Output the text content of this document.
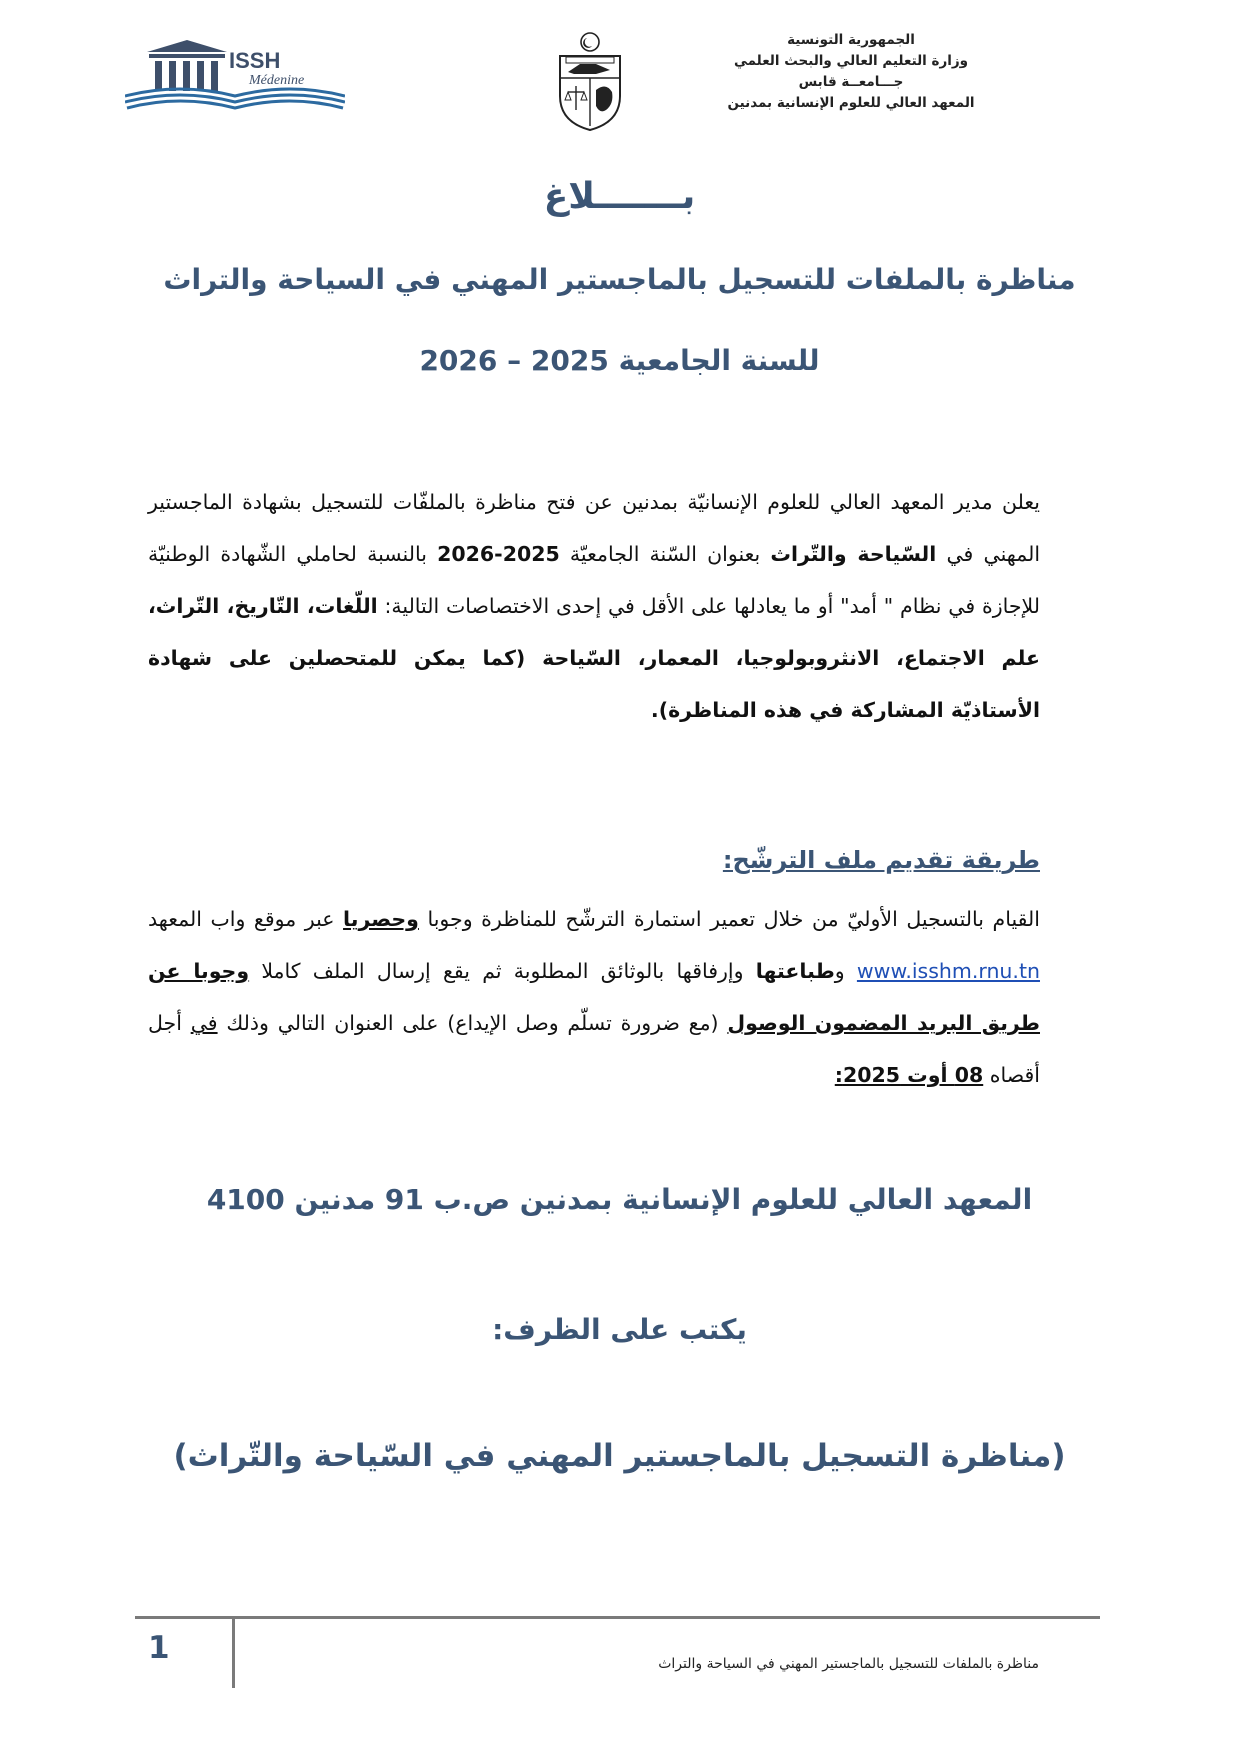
الجمهورية التونسية
وزارة التعليم العالي والبحث العلمي
جـــامعــة قابس
المعهد العالي للعلوم الإنسانية بمدنين
ISSH
Médenine
بـــــــلاغ
مناظرة بالملفات للتسجيل بالماجستير المهني في السياحة والتراث
للسنة الجامعية 2025 – 2026
يعلن مدير المعهد العالي للعلوم الإنسانيّة بمدنين عن فتح مناظرة بالملفّات للتسجيل بشهادة الماجستير المهني في السّياحة والتّراث بعنوان السّنة الجامعيّة 2025-2026 بالنسبة لحاملي الشّهادة الوطنيّة للإجازة في نظام " أمد" أو ما يعادلها على الأقل في إحدى الاختصاصات التالية: اللّغات، التّاريخ، التّراث، علم الاجتماع، الانثروبولوجيا، المعمار، السّياحة (كما يمكن للمتحصلين على شهادة الأستاذيّة المشاركة في هذه المناظرة).
طريقة تقديم ملف الترشّح:
القيام بالتسجيل الأوليّ من خلال تعمير استمارة الترشّح للمناظرة وجوبا وحصريا عبر موقع واب المعهد www.isshm.rnu.tn وطباعتها وإرفاقها بالوثائق المطلوبة ثم يقع إرسال الملف كاملا وجوبا عن طريق البريد المضمون الوصول (مع ضرورة تسلّم وصل الإيداع) على العنوان التالي وذلك في أجل أقصاه 08 أوت 2025:
المعهد العالي للعلوم الإنسانية بمدنين ص.ب 91 مدنين 4100
يكتب على الظرف:
(مناظرة التسجيل بالماجستير المهني في السّياحة والتّراث)
1	مناظرة بالملفات للتسجيل بالماجستير المهني في السياحة والتراث
